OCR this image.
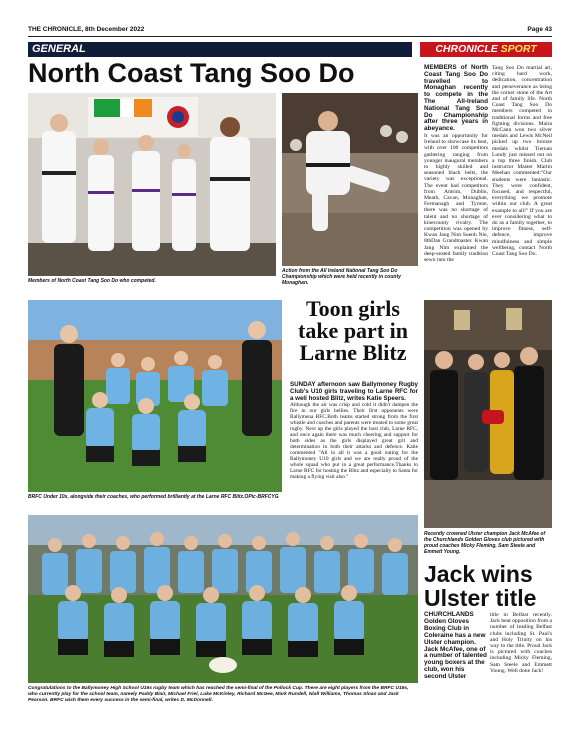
THE CHRONICLE, 8th December 2022	Page 43
GENERAL	CHRONICLE SPORT
North Coast Tang Soo Do
Members of North Coast Tang Soo Do who competed.
Action from the All Ireland National Tang Soo Do Championship which were held recently in county Monaghan.
MEMBERS of North Coast Tang Soo Do travelled to Monaghan recently to compete in the The All-Ireland National Tang Soo Do Championship after three years in abeyance.
It was an opportunity for Ireland to showcase its best, with over 100 competitors gathering ranging from younger inaugural members to highly skilled and seasoned black belts, the variety was exceptional. The event had competitors from Antrim, Dublin, Meath, Cavan, Monaghan, Fermanagh and Tyrone, there was no shortage of talent and no shortage of kinecounty rivalry. The competition was opened by Kwan Jang Nim Suenh Nie, 8thDan Grandmaster. Kwan Jang Nim explained the deep-seated family tradition sewn into the
Tang Soo Do martial art, citing hard work, dedication, concentration and perseverance as being the corner stone of the Art and of family life. North Coast Tang Soo Do members competed in traditional forms and free fighting divisions. Maira McCann won two silver medals and Lewis McNeil picked up two bronze medals whilst Tiernan Lundy just missed out on a top three finish. Club instructor Master Martin Meehan commented:"Our students were fantastic. They were confident, focused, and respectful, everything we promote within our club. A great example to all!" If you are ever considering what to do as a family together, to improve fitness, self-defence, improve mindfulness and simple wellbeing, contact North Coast Tang Soo Do.
BRFC Under 10s, alongside their coaches, who performed brilliantly at the Larne RFC Blitz.OPic-BRFCYG
Toon girls
take part in
Larne Blitz
SUNDAY afternoon saw Ballymoney Rugby Club's U10 girls traveling to Larne RFC for a well hosted Blitz, writes Katie Speers.
Although the air was crisp and cold it didn't dampen the fire in our girls bellies. Their first opponents were Ballymena RFC.Both teams started strong from the first whistle and coaches and parents were treated to some great rugby. Next up the girls played the host club, Larne RFC, and once again there was much cheering and support for both sides as the girls displayed great grit and determination in both their attacks and defence. Katie commented "All in all it was a good outing for the Ballymoney U10 girls and we are really proud of the whole squad who put in a great performance.Thanks to Larne RFC for hosting the Blitz and especially to Santa for making a flying visit also."
Recently crowned Ulster champion Jack McAfee of the Churchlands Golden Gloves club pictured with proud coaches Micky Fleming, Sam Steele and Emmett Young.
Jack wins
Ulster title
CHURCHLANDS Golden Gloves Boxing Club in Coleraine has a new Ulster champion. Jack McAfee, one of a number of talented young boxers at the club, won his second Ulster
title in Belfast recently. Jack beat opposition from a number of leading Belfast clubs including St. Paul's and Holy Trinity on his way to the title. Proud Jack is pictured with coaches including Micky Fleming, Sam Steele and Emmett Young. Well done Jack!
Congratulations to the Ballymoney High School U16s rugby team which has reached the semi-final of the Pollock Cup. There are eight players from the BRFC U16s, who currently play for the school team, namely Paddy Blair, Michael Friel, Luke McKinley, Richard McGee, Mark Rundell, Niall Williams, Thomas Sloan and Jack Pearson. BRFC wish them every success in the semi-final, writes D. McDonnell.
